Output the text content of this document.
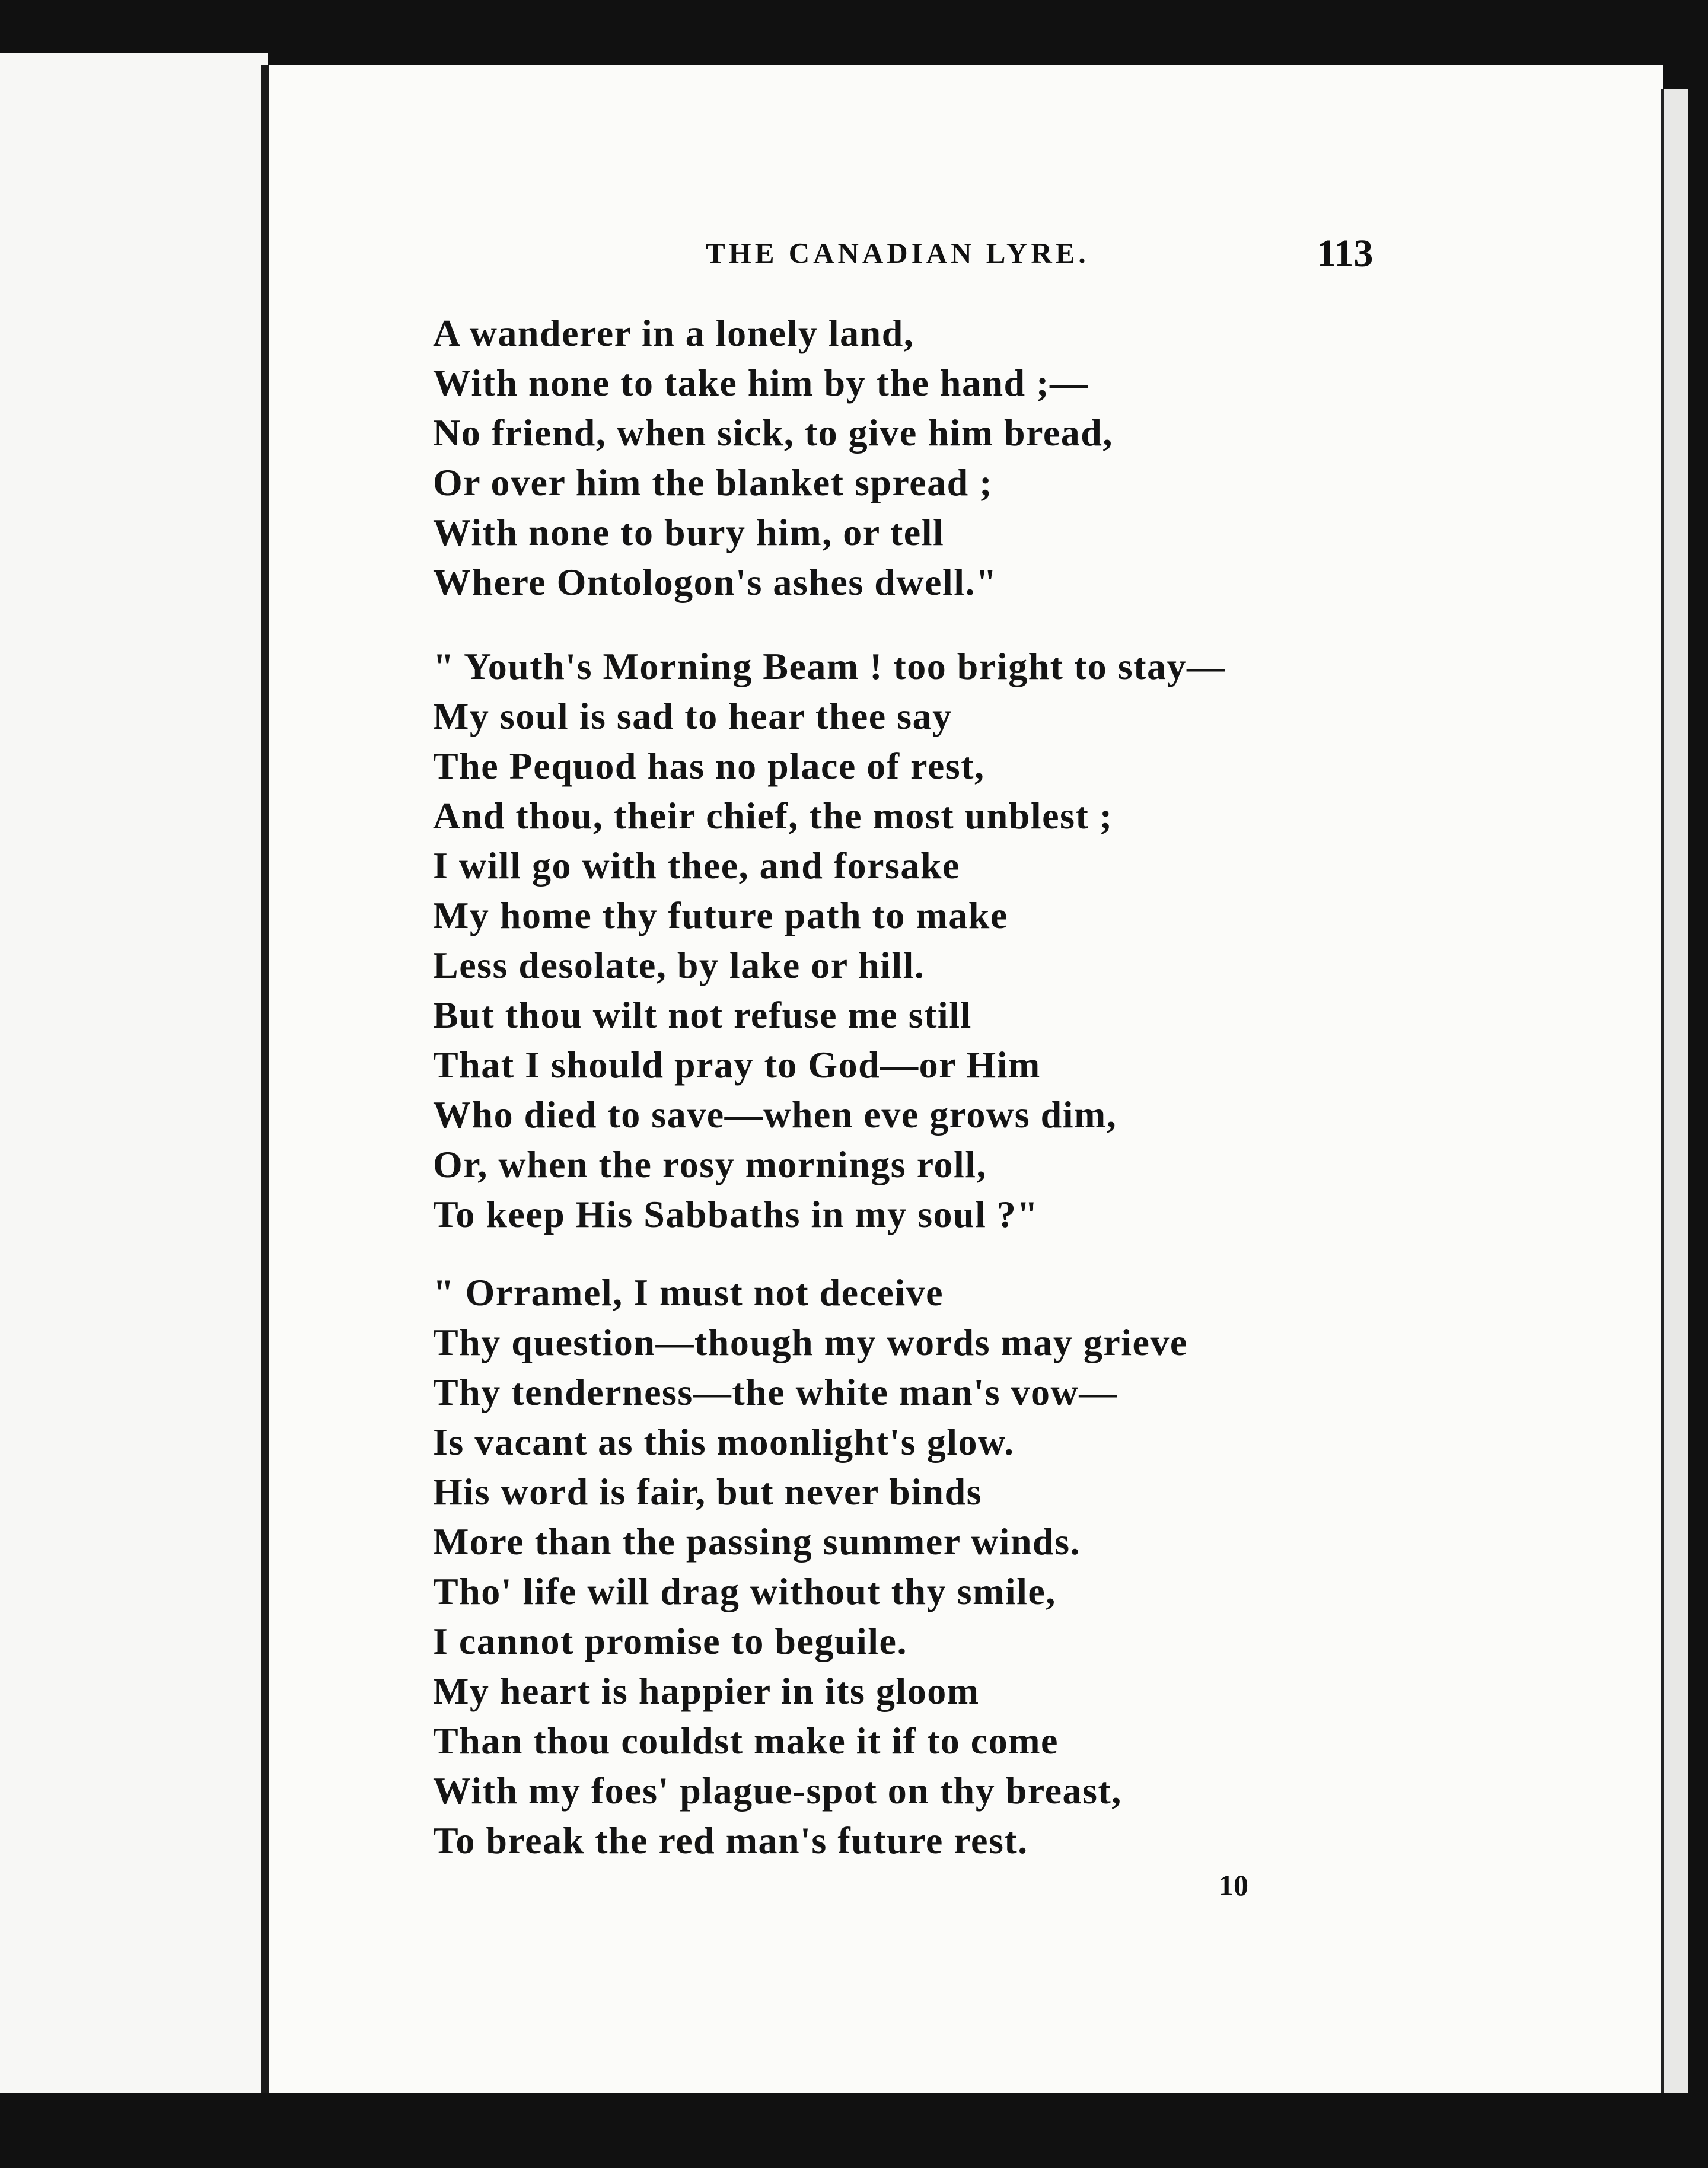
THE CANADIAN LYRE.	113
A wanderer in a lonely land,
With none to take him by the hand ;—
No friend, when sick, to give him bread,
Or over him the blanket spread ;
With none to bury him, or tell
Where Ontologon's ashes dwell."
" Youth's Morning Beam ! too bright to stay—
My soul is sad to hear thee say
The Pequod has no place of rest,
And thou, their chief, the most unblest ;
I will go with thee, and forsake
My home thy future path to make
Less desolate, by lake or hill.
But thou wilt not refuse me still
That I should pray to God—or Him
Who died to save—when eve grows dim,
Or, when the rosy mornings roll,
To keep His Sabbaths in my soul ?"
" Orramel, I must not deceive
Thy question—though my words may grieve
Thy tenderness—the white man's vow—
Is vacant as this moonlight's glow.
His word is fair, but never binds
More than the passing summer winds.
Tho' life will drag without thy smile,
I cannot promise to beguile.
My heart is happier in its gloom
Than thou couldst make it if to come
With my foes' plague-spot on thy breast,
To break the red man's future rest.
10
